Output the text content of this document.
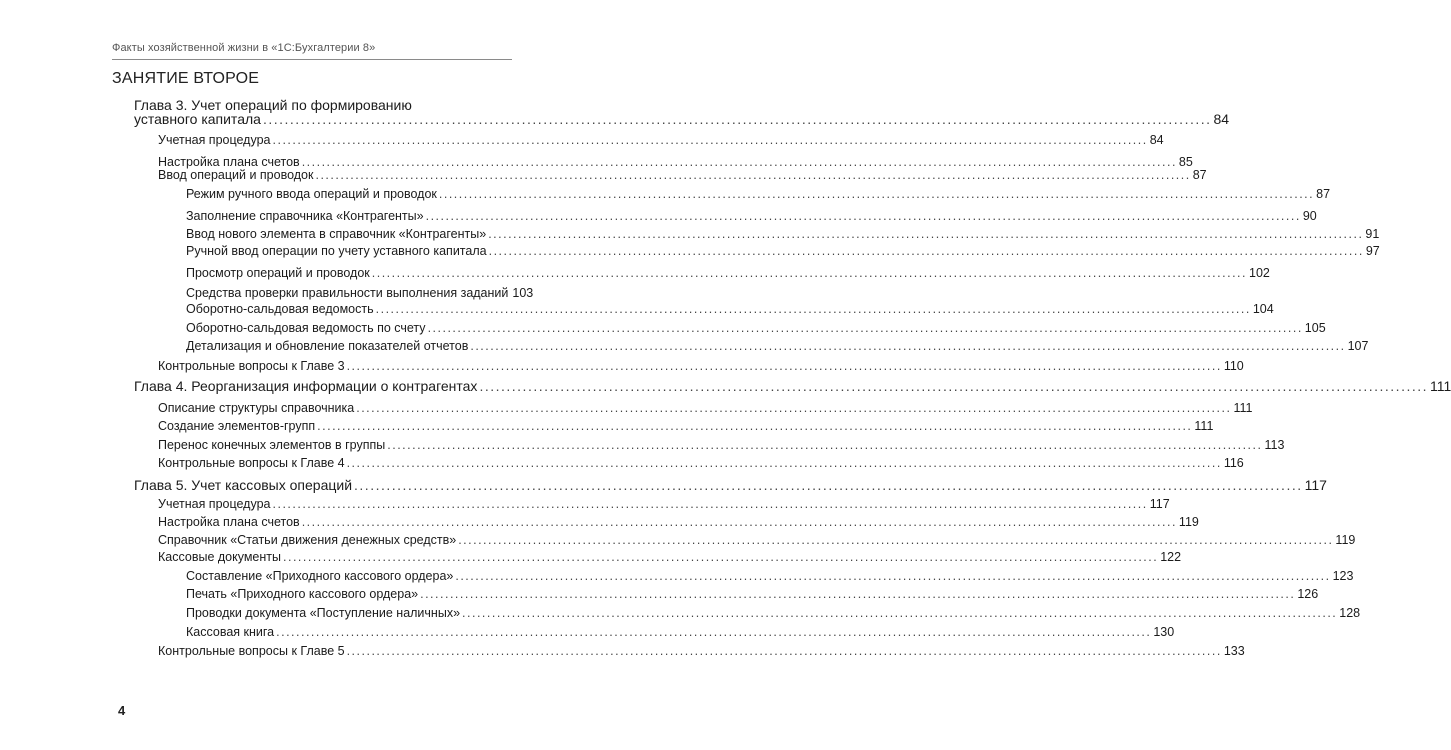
Факты хозяйственной жизни в «1С:Бухгалтерии 8»
ЗАНЯТИЕ ВТОРОЕ
Глава 3. Учет операций по формированию
уставного капитала .....	84
Учетная процедура .....	84
Настройка плана счетов .....	85
Ввод операций и проводок .....	87
Режим ручного ввода операций и проводок .....	87
Заполнение справочника «Контрагенты» .....	90
Ввод нового элемента в справочник «Контрагенты» .....	91
Ручной ввод операции по учету уставного капитала .....	97
Просмотр операций и проводок .....	102
Средства проверки правильности выполнения заданий 103
Оборотно-сальдовая ведомость .....	104
Оборотно-сальдовая ведомость по счету .....	105
Детализация и обновление показателей отчетов .....	107
Контрольные вопросы к Главе 3 .....	110
Глава 4. Реорганизация информации о контрагентах .....	111
Описание структуры справочника .....	111
Создание элементов-групп .....	111
Перенос конечных элементов в группы .....	113
Контрольные вопросы к Главе 4 .....	116
Глава 5. Учет кассовых операций .....	117
Учетная процедура .....	117
Настройка плана счетов .....	119
Справочник «Статьи движения денежных средств» .....	119
Кассовые документы .....	122
Составление «Приходного кассового ордера» .....	123
Печать «Приходного кассового ордера» .....	126
Проводки документа «Поступление наличных» .....	128
Кассовая книга .....	130
Контрольные вопросы к Главе 5 .....	133
4
